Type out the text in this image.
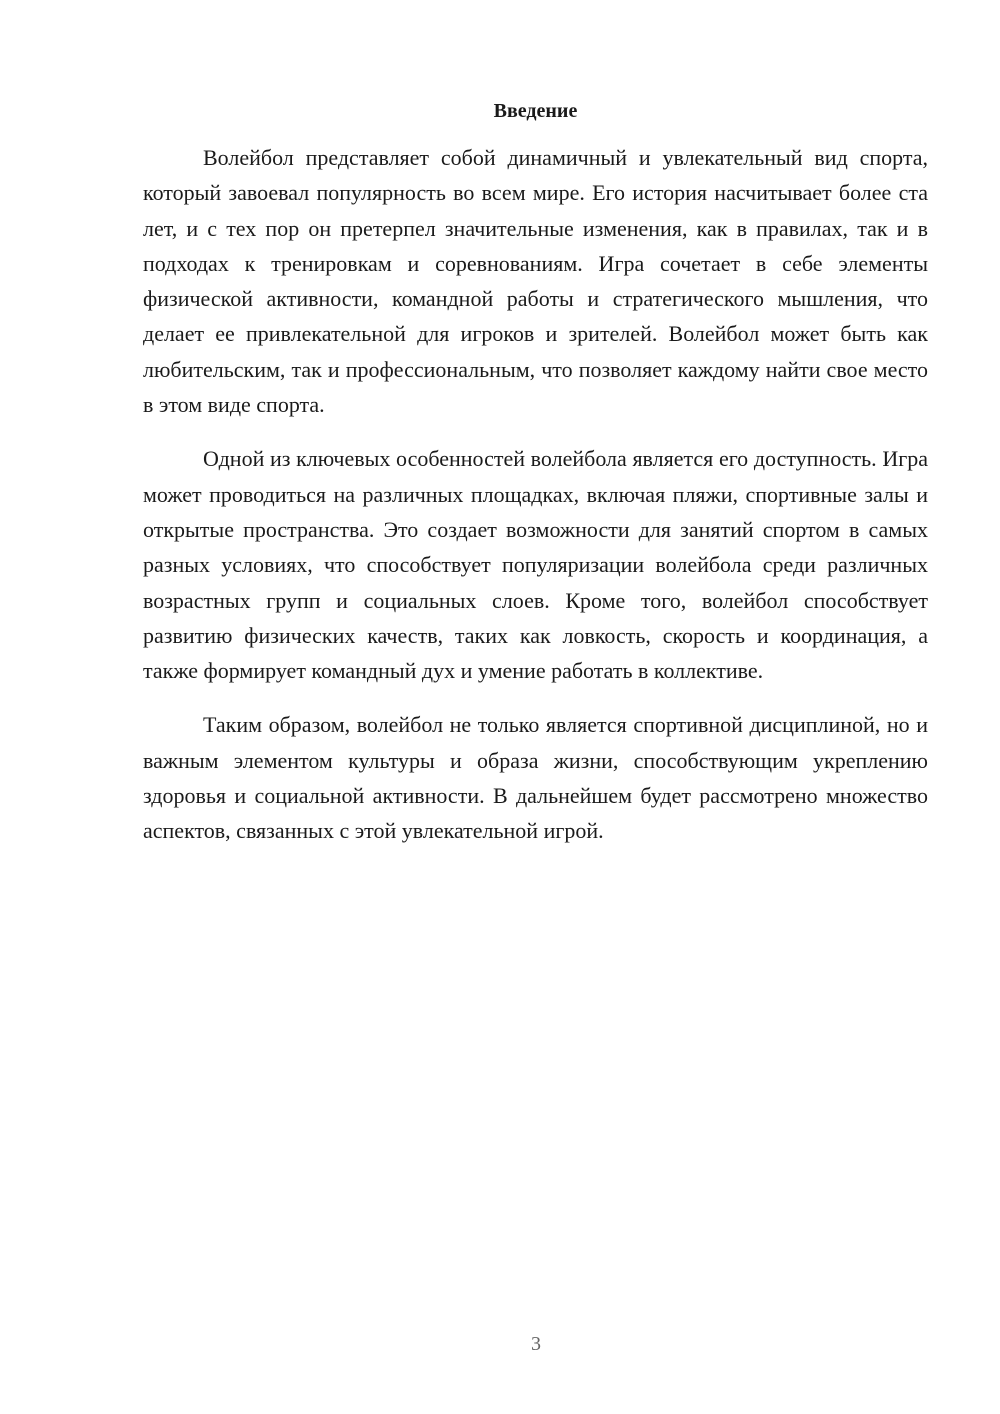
Введение

Волейбол представляет собой динамичный и увлекательный вид спорта, который завоевал популярность во всем мире. Его история насчитывает более ста лет, и с тех пор он претерпел значительные изменения, как в правилах, так и в подходах к тренировкам и соревнованиям. Игра сочетает в себе элементы физической активности, командной работы и стратегического мышления, что делает ее привлекательной для игроков и зрителей. Волейбол может быть как любительским, так и профессиональным, что позволяет каждому найти свое место в этом виде спорта.

Одной из ключевых особенностей волейбола является его доступность. Игра может проводиться на различных площадках, включая пляжи, спортивные залы и открытые пространства. Это создает возможности для занятий спортом в самых разных условиях, что способствует популяризации волейбола среди различных возрастных групп и социальных слоев. Кроме того, волейбол способствует развитию физических качеств, таких как ловкость, скорость и координация, а также формирует командный дух и умение работать в коллективе.

Таким образом, волейбол не только является спортивной дисциплиной, но и важным элементом культуры и образа жизни, способствующим укреплению здоровья и социальной активности. В дальнейшем будет рассмотрено множество аспектов, связанных с этой увлекательной игрой.

3
